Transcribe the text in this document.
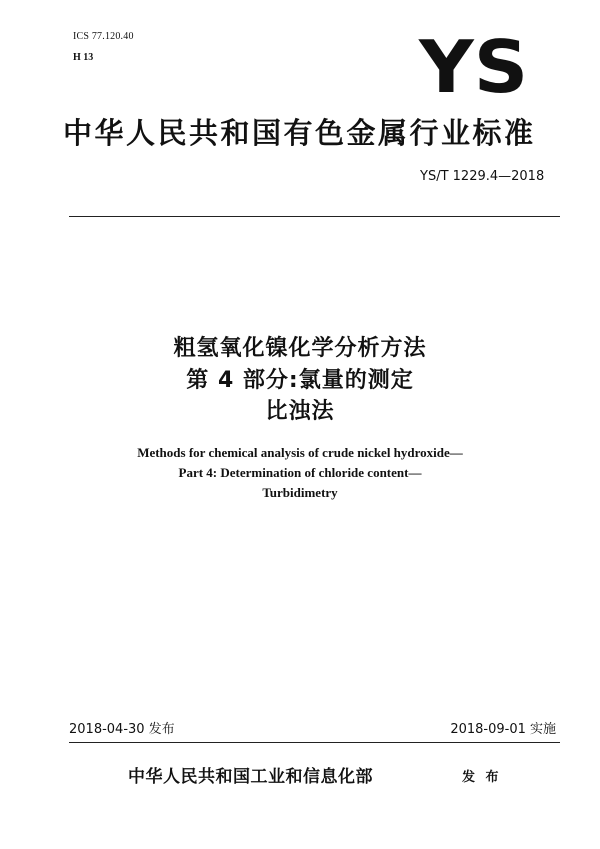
ICS 77.120.40
H 13	YS
中华人民共和国有色金属行业标准
YS/T 1229.4—2018
粗氢氧化镍化学分析方法
第 4 部分:氯量的测定
比浊法
Methods for chemical analysis of crude nickel hydroxide—
Part 4: Determination of chloride content—
Turbidimetry
2018-04-30 发布	2018-09-01 实施
中华人民共和国工业和信息化部	发 布
